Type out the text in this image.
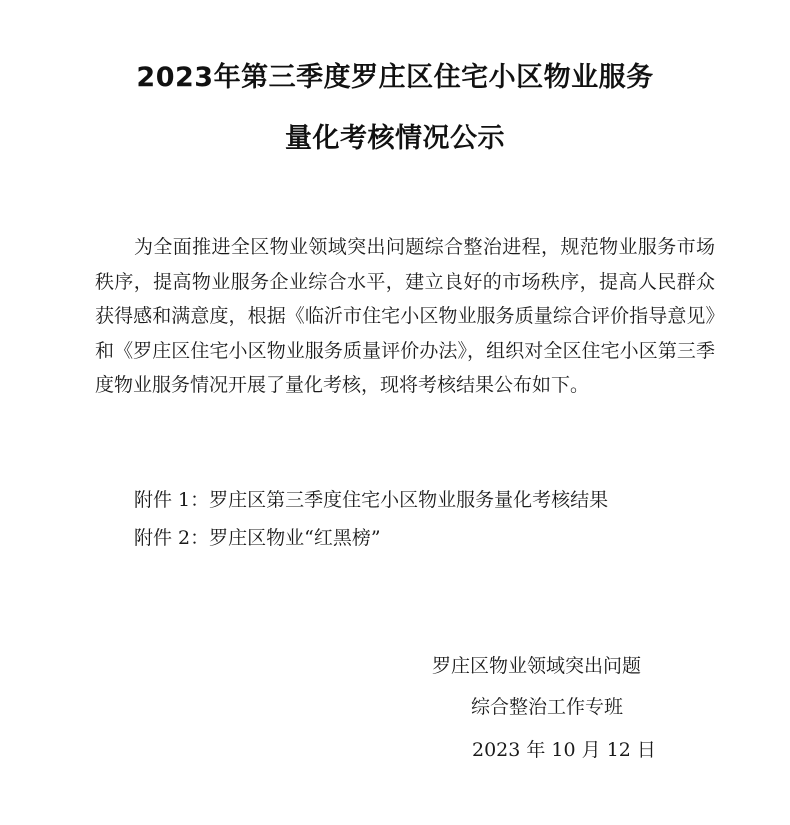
2023年第三季度罗庄区住宅小区物业服务
量化考核情况公示

为全面推进全区物业领域突出问题综合整治进程，规范物业服务市场秩序，提高物业服务企业综合水平，建立良好的市场秩序，提高人民群众获得感和满意度，根据《临沂市住宅小区物业服务质量综合评价指导意见》和《罗庄区住宅小区物业服务质量评价办法》，组织对全区住宅小区第三季度物业服务情况开展了量化考核，现将考核结果公布如下。

附件 1：罗庄区第三季度住宅小区物业服务量化考核结果
附件 2：罗庄区物业“红黑榜”
罗庄区物业领域突出问题
综合整治工作专班
2023 年 10 月 12 日
